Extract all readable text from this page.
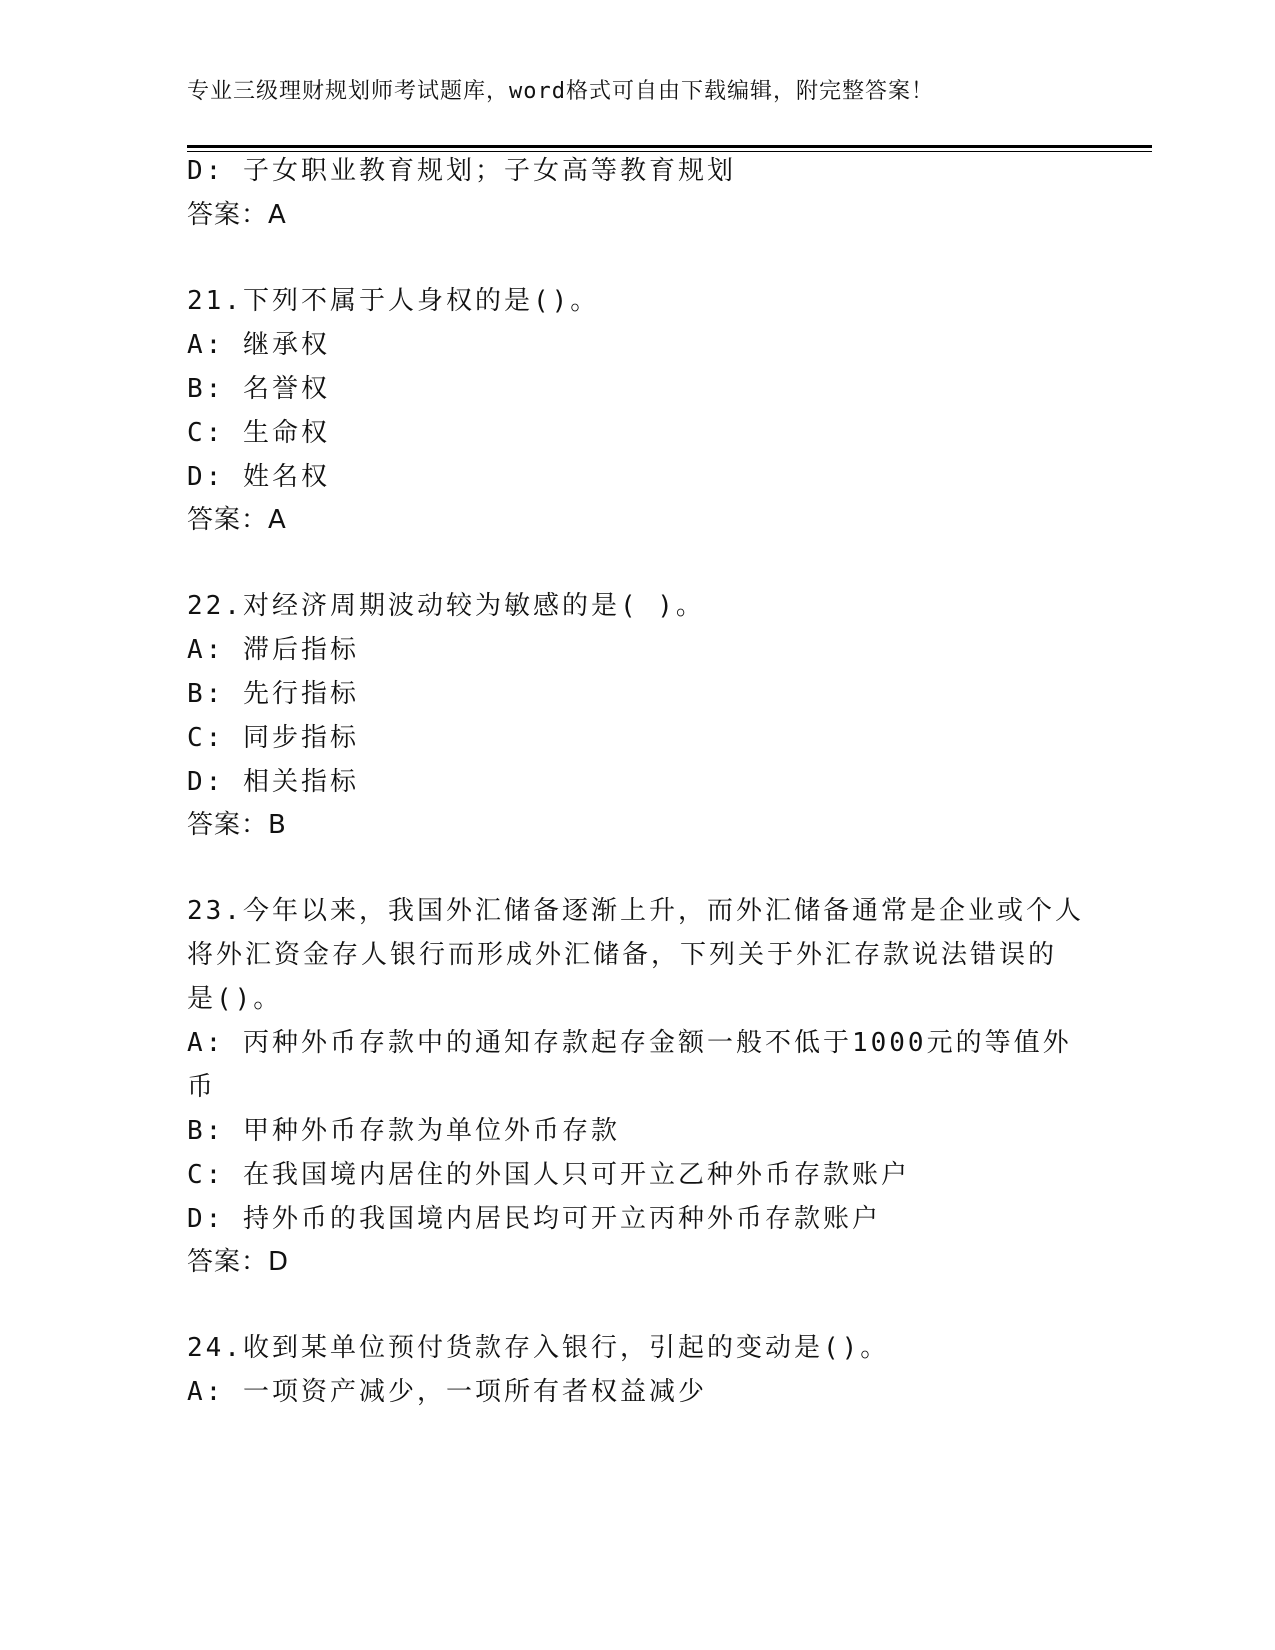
专业三级理财规划师考试题库，word格式可自由下载编辑，附完整答案！
D: 子女职业教育规划；子女高等教育规划
答案：A
21.下列不属于人身权的是()。
A: 继承权
B: 名誉权
C: 生命权
D: 姓名权
答案：A
22.对经济周期波动较为敏感的是( )。
A: 滞后指标
B: 先行指标
C: 同步指标
D: 相关指标
答案：B
23.今年以来，我国外汇储备逐渐上升，而外汇储备通常是企业或个人
将外汇资金存人银行而形成外汇储备，下列关于外汇存款说法错误的
是()。
A: 丙种外币存款中的通知存款起存金额一般不低于1000元的等值外
币
B: 甲种外币存款为单位外币存款
C: 在我国境内居住的外国人只可开立乙种外币存款账户
D: 持外币的我国境内居民均可开立丙种外币存款账户
答案：D
24.收到某单位预付货款存入银行，引起的变动是()。
A: 一项资产减少，一项所有者权益减少
